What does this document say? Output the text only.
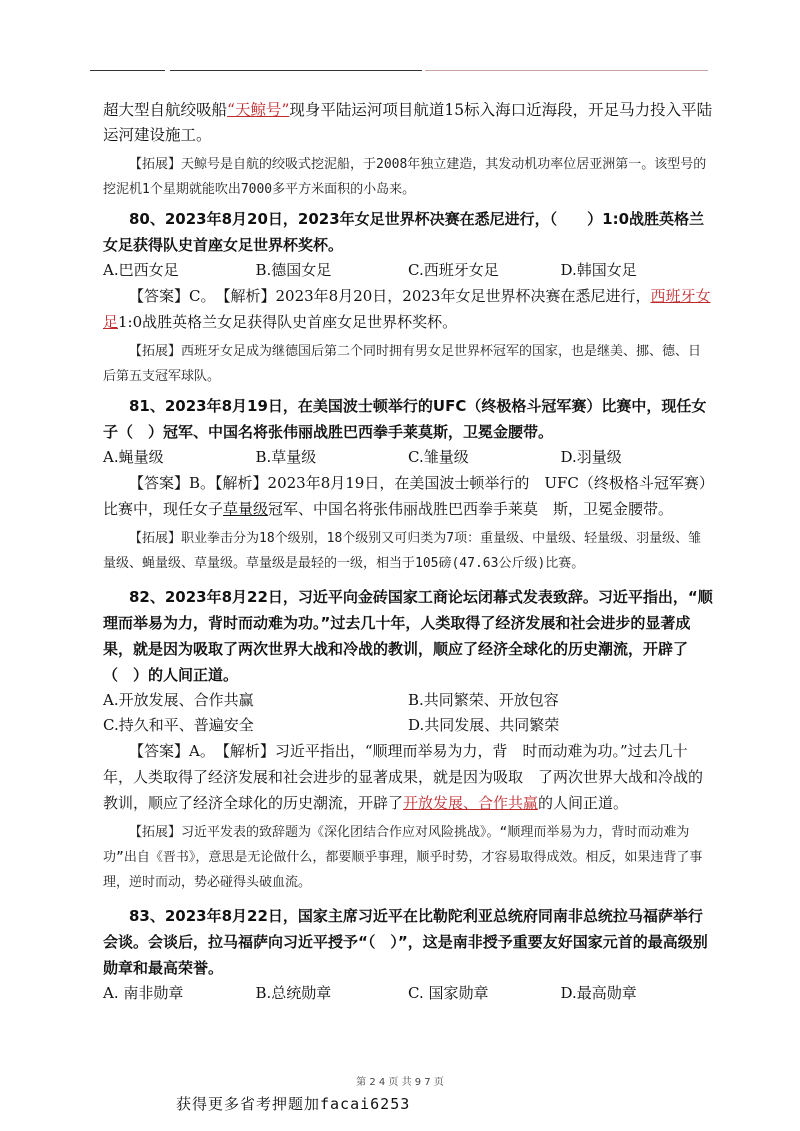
超大型自航绞吸船“天鲸号”现身平陆运河项目航道15标入海口近海段，开足马力投入平陆运河建设施工。

【拓展】天鲸号是自航的绞吸式挖泥船，于2008年独立建造，其发动机功率位居亚洲第一。该型号的挖泥机1个星期就能吹出7000多平方米面积的小岛来。

80、2023年8月20日，2023年女足世界杯决赛在悉尼进行，（　　）1:0战胜英格兰女足获得队史首座女足世界杯奖杯。

A.巴西女足	B.德国女足	C.西班牙女足	D.韩国女足

【答案】C。　【解析】2023年8月20日，2023年女足世界杯决赛在悉尼进行，西班牙女足1:0战胜英格兰女足获得队史首座女足世界杯奖杯。

【拓展】西班牙女足成为继德国后第二个同时拥有男女足世界杯冠军的国家，也是继美、挪、德、日后第五支冠军球队。

81、2023年8月19日，在美国波士顿举行的UFC（终极格斗冠军赛）比赛中，现任女子（　）冠军、中国名将张伟丽战胜巴西拳手莱莫斯，卫冕金腰带。

A.蝇量级	B.草量级	C.雏量级	D.羽量级

【答案】B。【解析】2023年8月19日，在美国波士顿举行的　UFC（终极格斗冠军赛）比赛中，现任女子草量级冠军、中国名将张伟丽战胜巴西拳手莱莫　斯，卫冕金腰带。

【拓展】职业拳击分为18个级别，18个级别又可归类为7项：重量级、中量级、轻量级、羽量级、雏量级、蝇量级、草量级。草量级是最轻的一级，相当于105磅(47.63公斤级)比赛。

82、2023年8月22日，习近平向金砖国家工商论坛闭幕式发表致辞。习近平指出，“顺理而举易为力，背时而动难为功。”过去几十年，人类取得了经济发展和社会进步的显著成果，就是因为吸取了两次世界大战和冷战的教训，顺应了经济全球化的历史潮流，开辟了（　）的人间正道。

A.开放发展、合作共赢	B.共同繁荣、开放包容
C.持久和平、普遍安全	D.共同发展、共同繁荣

【答案】A。　【解析】习近平指出，“顺理而举易为力，背　时而动难为功。”过去几十年，人类取得了经济发展和社会进步的显著成果，就是因为吸取　了两次世界大战和冷战的教训，顺应了经济全球化的历史潮流，开辟了开放发展、合作共赢的人间正道。

【拓展】习近平发表的致辞题为《深化团结合作应对风险挑战》。“顺理而举易为力，背时而动难为功”出自《晋书》，意思是无论做什么，都要顺乎事理，顺乎时势，才容易取得成效。相反，如果违背了事理，逆时而动，势必碰得头破血流。

83、2023年8月22日，国家主席习近平在比勒陀利亚总统府同南非总统拉马福萨举行会谈。会谈后，拉马福萨向习近平授予“（　）”，这是南非授予重要友好国家元首的最高级别勋章和最高荣誉。

A. 南非勋章	B.总统勋章	C. 国家勋章	D.最高勋章
第 2 4 页 共 9 7 页
获得更多省考押题加facai6253
